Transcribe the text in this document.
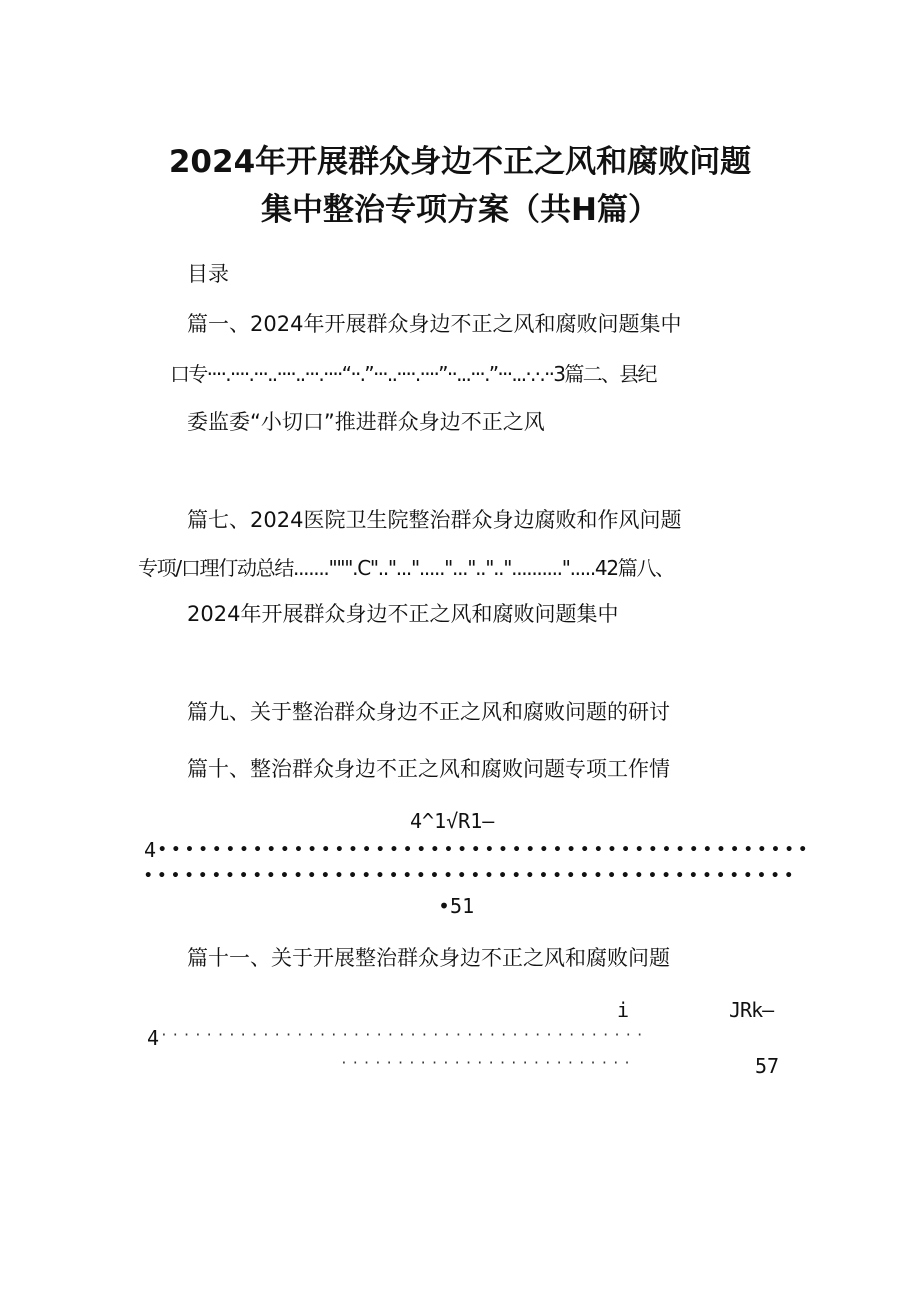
2024年开展群众身边不正之风和腐败问题
集中整治专项方案（共H篇）
目录
篇一、2024年开展群众身边不正之风和腐败问题集中
口专····.····.···..····..···.····“··.”···..····.····”··...···.”···...·.·.··3篇二、县纪
委监委“小切口”推进群众身边不正之风
篇七、2024医院卫生院整治群众身边腐败和作风问题
专项/口理仃动总结.......""".C".."..."....."..."..".."..........".....42篇八、
2024年开展群众身边不正之风和腐败问题集中
篇九、关于整治群众身边不正之风和腐败问题的研讨
篇十、整治群众身边不正之风和腐败问题专项工作情
4^1√R1—
4 ••••••••••••••••••••••••••••••••••••••••••••••••
••••••••••••••••••••••••••••••••••••••••••••••••
•51
篇十一、关于开展整治群众身边不正之风和腐败问题
i	JRk—
4 ···········································
··························	57
